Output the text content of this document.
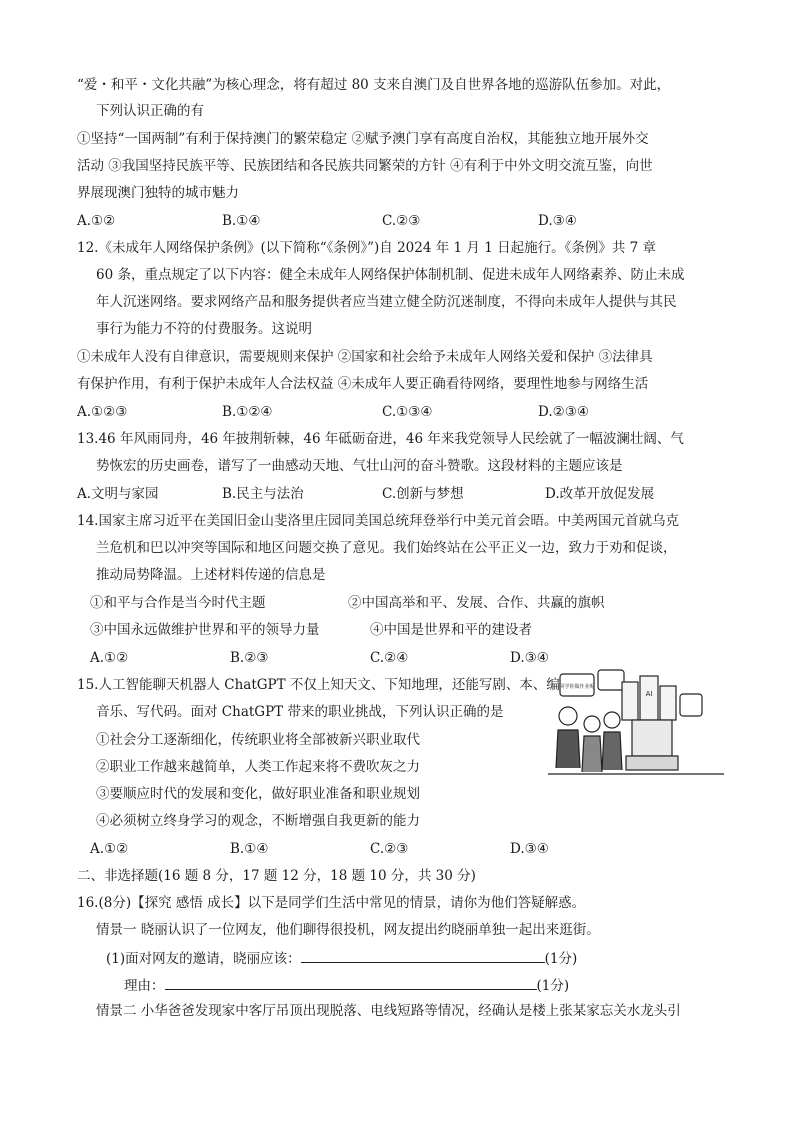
“爱・和平・文化共融”为核心理念，将有超过 80 支来自澳门及自世界各地的巡游队伍参加。对此，
下列认识正确的有
①坚持“一国两制”有利于保持澳门的繁荣稳定 ②赋予澳门享有高度自治权，其能独立地开展外交
活动 ③我国坚持民族平等、民族团结和各民族共同繁荣的方针 ④有利于中外文明交流互鉴，向世
界展现澳门独特的城市魅力
A.①②	B.①④	C.②③	D.③④
12.《未成年人网络保护条例》(以下简称“《条例》”)自 2024 年 1 月 1 日起施行。《条例》共 7 章
60 条，重点规定了以下内容：健全未成年人网络保护体制机制、促进未成年人网络素养、防止未成
年人沉迷网络。要求网络产品和服务提供者应当建立健全防沉迷制度，不得向未成年人提供与其民
事行为能力不符的付费服务。这说明
①未成年人没有自律意识，需要规则来保护 ②国家和社会给予未成年人网络关爱和保护 ③法律具
有保护作用，有利于保护未成年人合法权益 ④未成年人要正确看待网络，要理性地参与网络生活
A.①②③	B.①②④	C.①③④	D.②③④
13.46 年风雨同舟，46 年披荆斩棘，46 年砥砺奋进，46 年来我党领导人民绘就了一幅波澜壮阔、气
势恢宏的历史画卷，谱写了一曲感动天地、气壮山河的奋斗赞歌。这段材料的主题应该是
A.文明与家园	B.民主与法治	C.创新与梦想	D.改革开放促发展
14.国家主席习近平在美国旧金山斐洛里庄园同美国总统拜登举行中美元首会晤。中美两国元首就乌克
兰危机和巴以冲突等国际和地区问题交换了意见。我们始终站在公平正义一边，致力于劝和促谈，
推动局势降温。上述材料传递的信息是
①和平与合作是当今时代主题	②中国高举和平、发展、合作、共赢的旗帜
③中国永远做维护世界和平的领导力量	④中国是世界和平的建设者
A.①②	B.②③	C.②④	D.③④
15.人工智能聊天机器人 ChatGPT 不仅上知天文、下知地理，还能写剧、本、编
音乐、写代码。面对 ChatGPT 带来的职业挑战，下列认识正确的是
①社会分工逐渐细化，传统职业将全部被新兴职业取代
②职业工作越来越简单，人类工作起来将不费吹灰之力
③要顺应时代的发展和变化，做好职业准备和职业规划
④必须树立终身学习的观念，不断增强自我更新的能力
A.①②	B.①④	C.②③	D.③④
同学你做作业呢
AI
二、非选择题(16 题 8 分，17 题 12 分，18 题 10 分，共 30 分)
16.(8分)【探究 感悟 成长】以下是同学们生活中常见的情景，请你为他们答疑解惑。
情景一 晓丽认识了一位网友，他们聊得很投机，网友提出约晓丽单独一起出来逛街。
(1)面对网友的邀请，晓丽应该：	(1分)
理由：	(1分)
情景二 小华爸爸发现家中客厅吊顶出现脱落、电线短路等情况，经确认是楼上张某家忘关水龙头引
